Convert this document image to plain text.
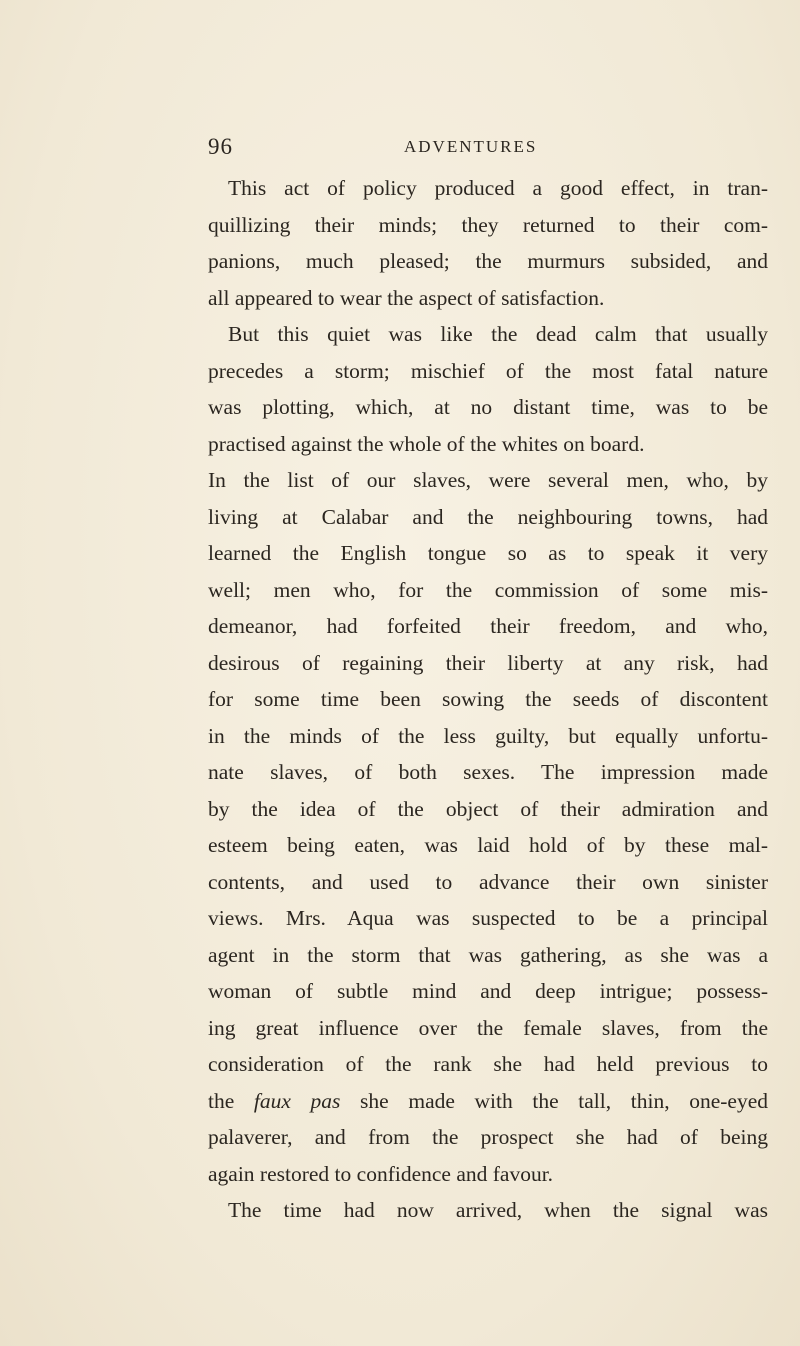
96	ADVENTURES
This act of policy produced a good effect, in tran-
quillizing their minds; they returned to their com-
panions, much pleased; the murmurs subsided, and
all appeared to wear the aspect of satisfaction.
But this quiet was like the dead calm that usually
precedes a storm; mischief of the most fatal nature
was plotting, which, at no distant time, was to be
practised against the whole of the whites on board.
In the list of our slaves, were several men, who, by
living at Calabar and the neighbouring towns, had
learned the English tongue so as to speak it very
well; men who, for the commission of some mis-
demeanor, had forfeited their freedom, and who,
desirous of regaining their liberty at any risk, had
for some time been sowing the seeds of discontent
in the minds of the less guilty, but equally unfortu-
nate slaves, of both sexes. The impression made
by the idea of the object of their admiration and
esteem being eaten, was laid hold of by these mal-
contents, and used to advance their own sinister
views. Mrs. Aqua was suspected to be a principal
agent in the storm that was gathering, as she was a
woman of subtle mind and deep intrigue; possess-
ing great influence over the female slaves, from the
consideration of the rank she had held previous to
the faux pas she made with the tall, thin, one-eyed
palaverer, and from the prospect she had of being
again restored to confidence and favour.
The time had now arrived, when the signal was
